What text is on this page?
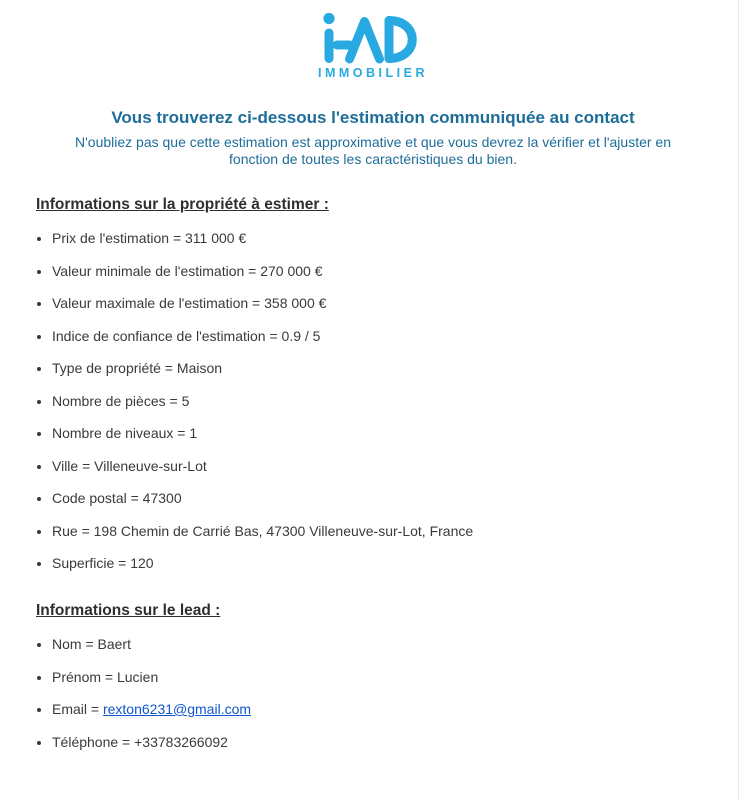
IMMOBILIER
Vous trouverez ci-dessous l'estimation communiquée au contact
N'oubliez pas que cette estimation est approximative et que vous devrez la vérifier et l'ajuster en fonction de toutes les caractéristiques du bien.
Informations sur la propriété à estimer :
• Prix de l'estimation = 311 000 €
• Valeur minimale de l'estimation = 270 000 €
• Valeur maximale de l'estimation = 358 000 €
• Indice de confiance de l'estimation = 0.9 / 5
• Type de propriété = Maison
• Nombre de pièces = 5
• Nombre de niveaux = 1
• Ville = Villeneuve-sur-Lot
• Code postal = 47300
• Rue = 198 Chemin de Carrié Bas, 47300 Villeneuve-sur-Lot, France
• Superficie = 120
Informations sur le lead :
• Nom = Baert
• Prénom = Lucien
• Email = rexton6231@gmail.com
• Téléphone = +33783266092
